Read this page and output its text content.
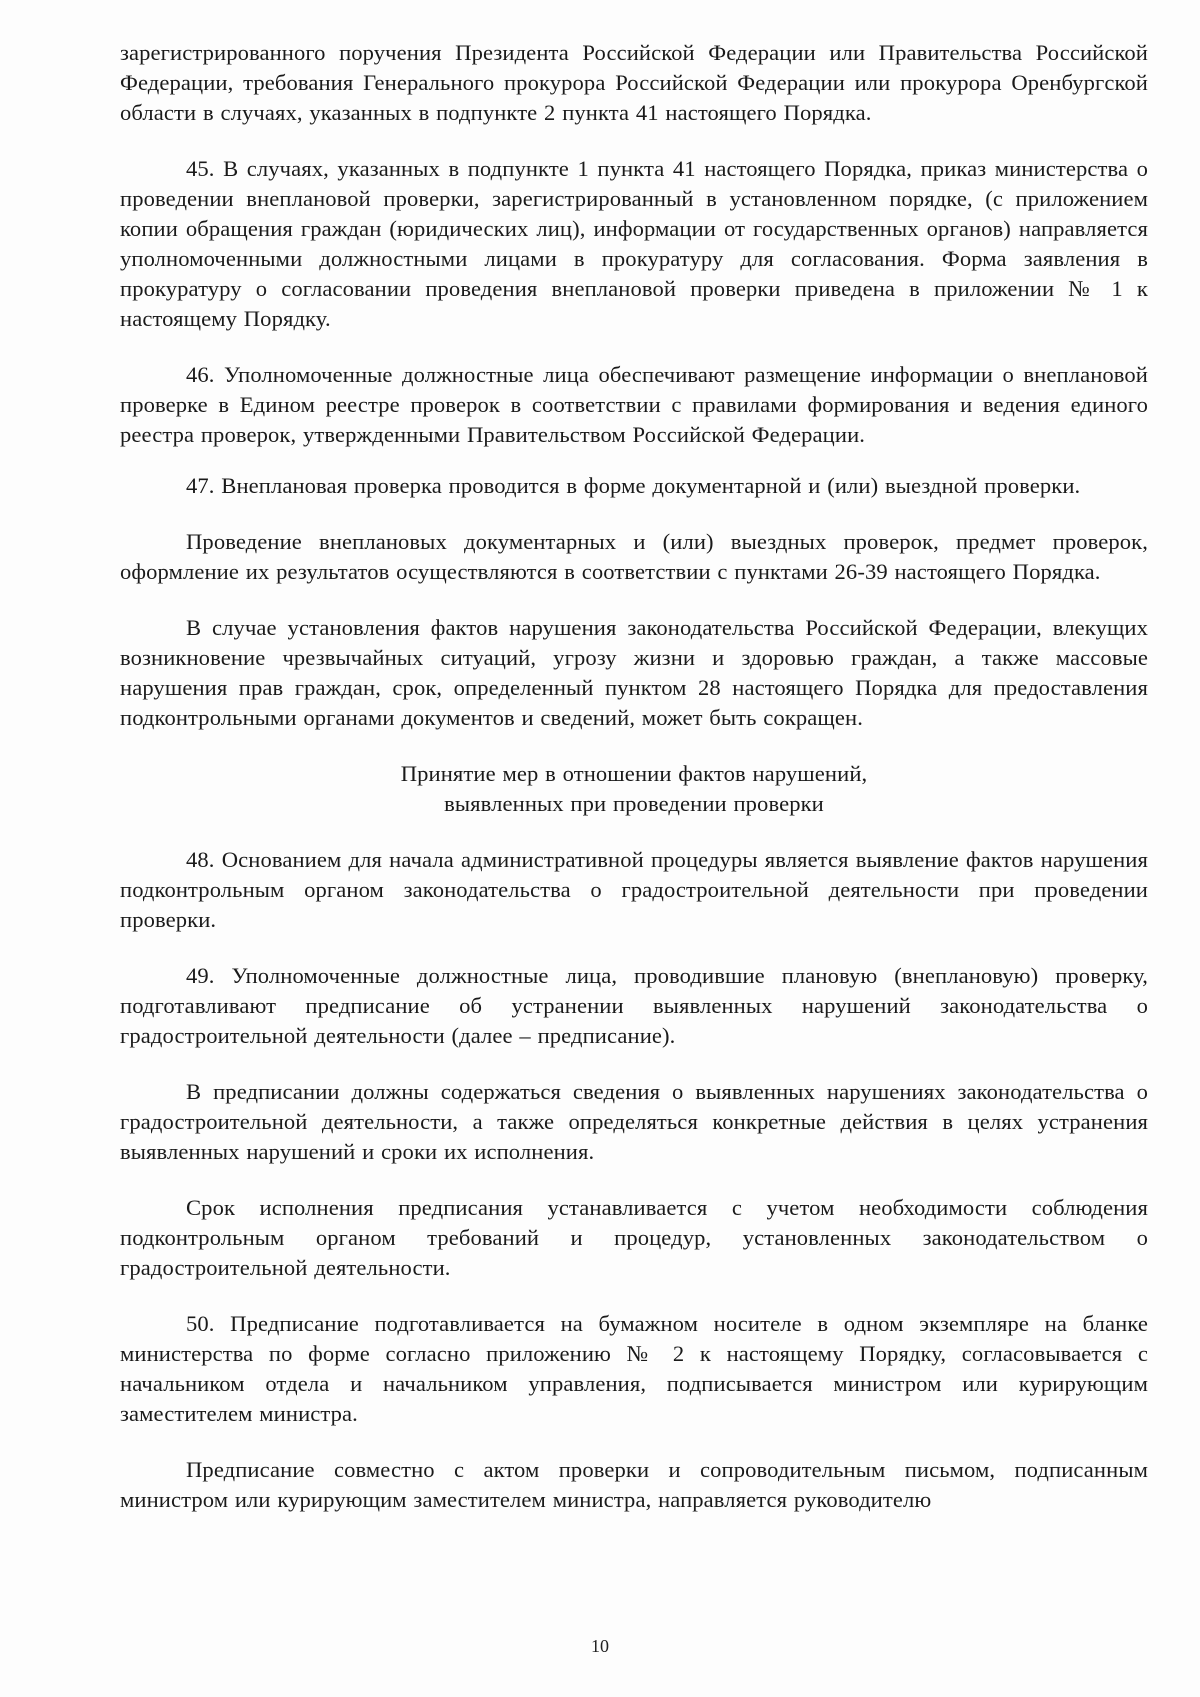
зарегистрированного поручения Президента Российской Федерации или Правительства Российской Федерации, требования Генерального прокурора Российской Федерации или прокурора Оренбургской области в случаях, указанных в подпункте 2 пункта 41 настоящего Порядка.

45. В случаях, указанных в подпункте 1 пункта 41 настоящего Порядка, приказ министерства о проведении внеплановой проверки, зарегистрированный в установленном порядке, (с приложением копии обращения граждан (юридических лиц), информации от государственных органов) направляется уполномоченными должностными лицами в прокуратуру для согласования. Форма заявления в прокуратуру о согласовании проведения внеплановой проверки приведена в приложении № 1 к настоящему Порядку.

46. Уполномоченные должностные лица обеспечивают размещение информации о внеплановой проверке в Едином реестре проверок в соответствии с правилами формирования и ведения единого реестра проверок, утвержденными Правительством Российской Федерации.

47. Внеплановая проверка проводится в форме документарной и (или) выездной проверки.

Проведение внеплановых документарных и (или) выездных проверок, предмет проверок, оформление их результатов осуществляются в соответствии с пунктами 26-39 настоящего Порядка.

В случае установления фактов нарушения законодательства Российской Федерации, влекущих возникновение чрезвычайных ситуаций, угрозу жизни и здоровью граждан, а также массовые нарушения прав граждан, срок, определенный пунктом 28 настоящего Порядка для предоставления подконтрольными органами документов и сведений, может быть сокращен.

Принятие мер в отношении фактов нарушений,
выявленных при проведении проверки

48. Основанием для начала административной процедуры является выявление фактов нарушения подконтрольным органом законодательства о градостроительной деятельности при проведении проверки.

49. Уполномоченные должностные лица, проводившие плановую (внеплановую) проверку, подготавливают предписание об устранении выявленных нарушений законодательства о градостроительной деятельности (далее – предписание).

В предписании должны содержаться сведения о выявленных нарушениях законодательства о градостроительной деятельности, а также определяться конкретные действия в целях устранения выявленных нарушений и сроки их исполнения.

Срок исполнения предписания устанавливается с учетом необходимости соблюдения подконтрольным органом требований и процедур, установленных законодательством о градостроительной деятельности.

50. Предписание подготавливается на бумажном носителе в одном экземпляре на бланке министерства по форме согласно приложению № 2 к настоящему Порядку, согласовывается с начальником отдела и начальником управления, подписывается министром или курирующим заместителем министра.

Предписание совместно с актом проверки и сопроводительным письмом, подписанным министром или курирующим заместителем министра, направляется руководителю

10
